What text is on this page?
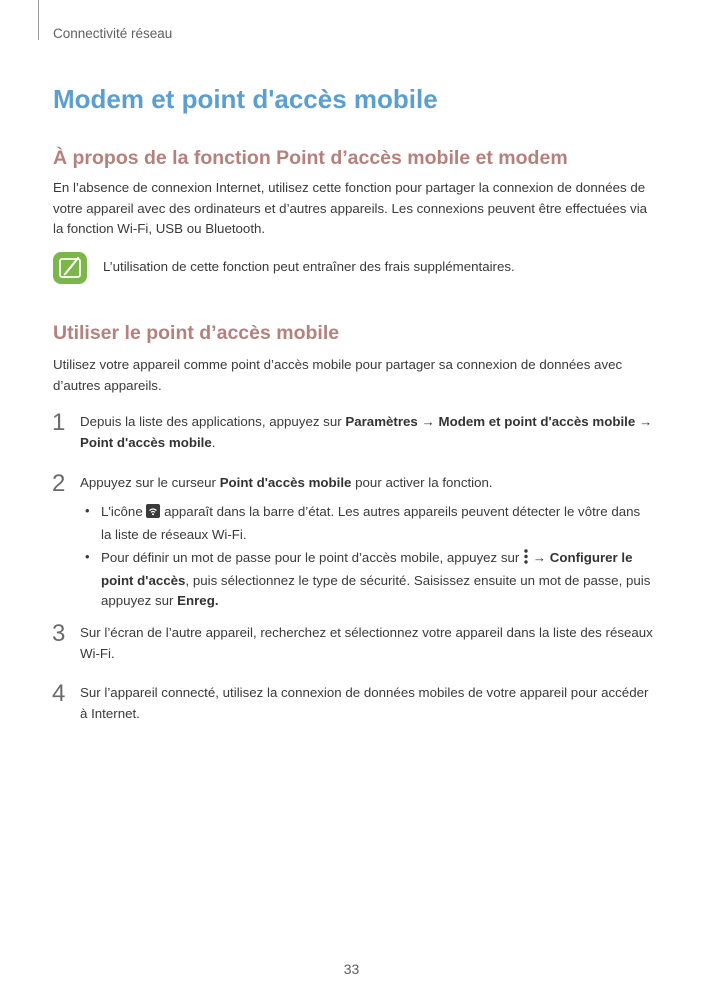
Connectivité réseau
Modem et point d'accès mobile
À propos de la fonction Point d’accès mobile et modem

En l’absence de connexion Internet, utilisez cette fonction pour partager la connexion de données de votre appareil avec des ordinateurs et d’autres appareils. Les connexions peuvent être effectuées via la fonction Wi-Fi, USB ou Bluetooth.

L’utilisation de cette fonction peut entraîner des frais supplémentaires.
Utiliser le point d’accès mobile

Utilisez votre appareil comme point d’accès mobile pour partager sa connexion de données avec d’autres appareils.

1 Depuis la liste des applications, appuyez sur Paramètres → Modem et point d'accès mobile → Point d'accès mobile.

2 Appuyez sur le curseur Point d'accès mobile pour activer la fonction.

• L'icône  apparaît dans la barre d’état. Les autres appareils peuvent détecter le vôtre dans la liste de réseaux Wi-Fi.

• Pour définir un mot de passe pour le point d’accès mobile, appuyez sur  → Configurer le point d'accès, puis sélectionnez le type de sécurité. Saisissez ensuite un mot de passe, puis appuyez sur Enreg.

3 Sur l’écran de l’autre appareil, recherchez et sélectionnez votre appareil dans la liste des réseaux Wi-Fi.

4 Sur l’appareil connecté, utilisez la connexion de données mobiles de votre appareil pour accéder à Internet.

33
